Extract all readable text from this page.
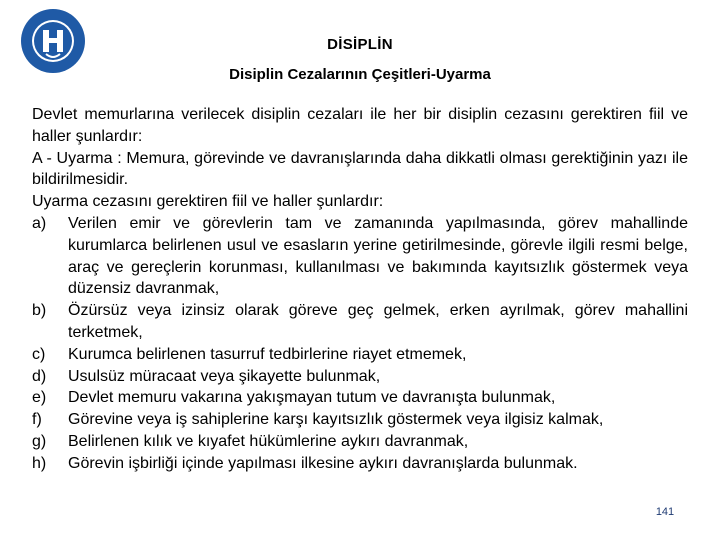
DİSİPLİN
Disiplin Cezalarının Çeşitleri-Uyarma

Devlet memurlarına verilecek disiplin cezaları ile her bir disiplin cezasını gerektiren fiil ve haller şunlardır:

A - Uyarma : Memura, görevinde ve davranışlarında daha dikkatli olması gerektiğinin yazı ile bildirilmesidir.

Uyarma cezasını gerektiren fiil ve haller şunlardır:

a)	Verilen emir ve görevlerin tam ve zamanında yapılmasında, görev mahallinde kurumlarca belirlenen usul ve esasların yerine getirilmesinde, görevle ilgili resmi belge, araç ve gereçlerin korunması, kullanılması ve bakımında kayıtsızlık göstermek veya düzensiz davranmak,
b)	Özürsüz veya izinsiz olarak göreve geç gelmek, erken ayrılmak, görev mahallini terketmek,
c)	Kurumca belirlenen tasurruf tedbirlerine riayet etmemek,
d)	Usulsüz müracaat veya şikayette bulunmak,
e)	Devlet memuru vakarına yakışmayan tutum ve davranışta bulunmak,
f)	Görevine veya iş sahiplerine karşı kayıtsızlık göstermek veya ilgisiz kalmak,
g)	Belirlenen kılık ve kıyafet hükümlerine aykırı davranmak,
h)	Görevin işbirliği içinde yapılması ilkesine aykırı davranışlarda bulunmak.
141
